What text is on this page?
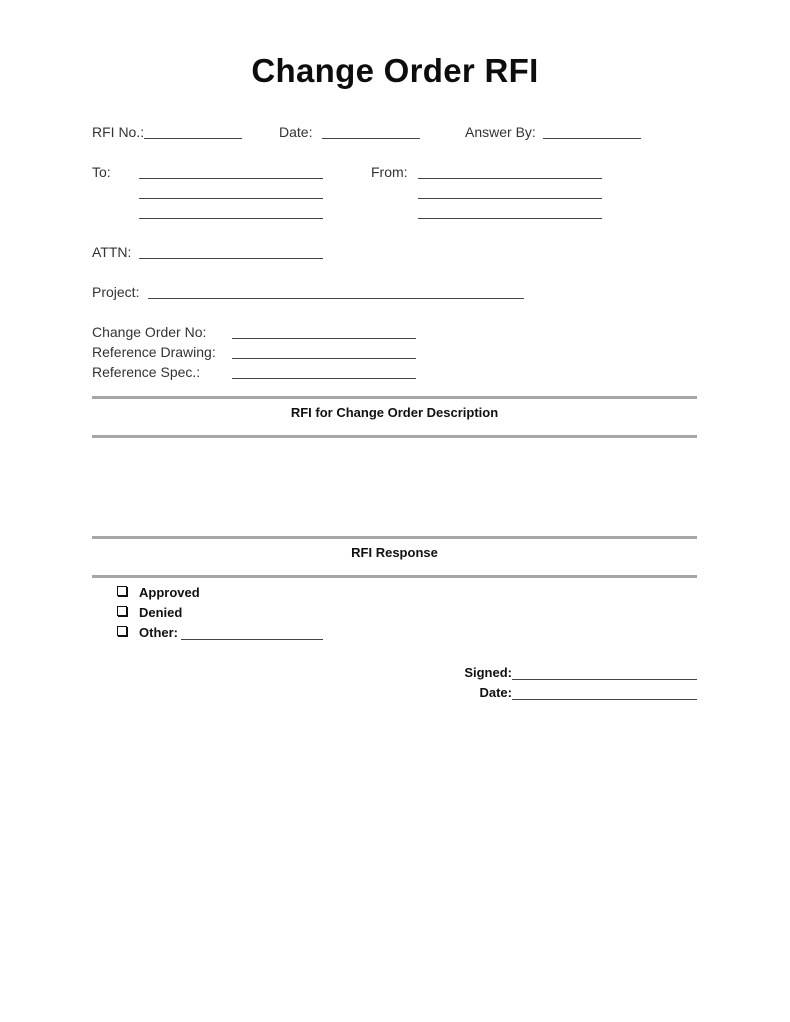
Change Order RFI
RFI No.:	Date:	Answer By:
To:	From:
ATTN:
Project:
Change Order No:
Reference Drawing:
Reference Spec.:
RFI for Change Order Description
RFI Response
Approved
Denied
Other:
Signed:
Date:
